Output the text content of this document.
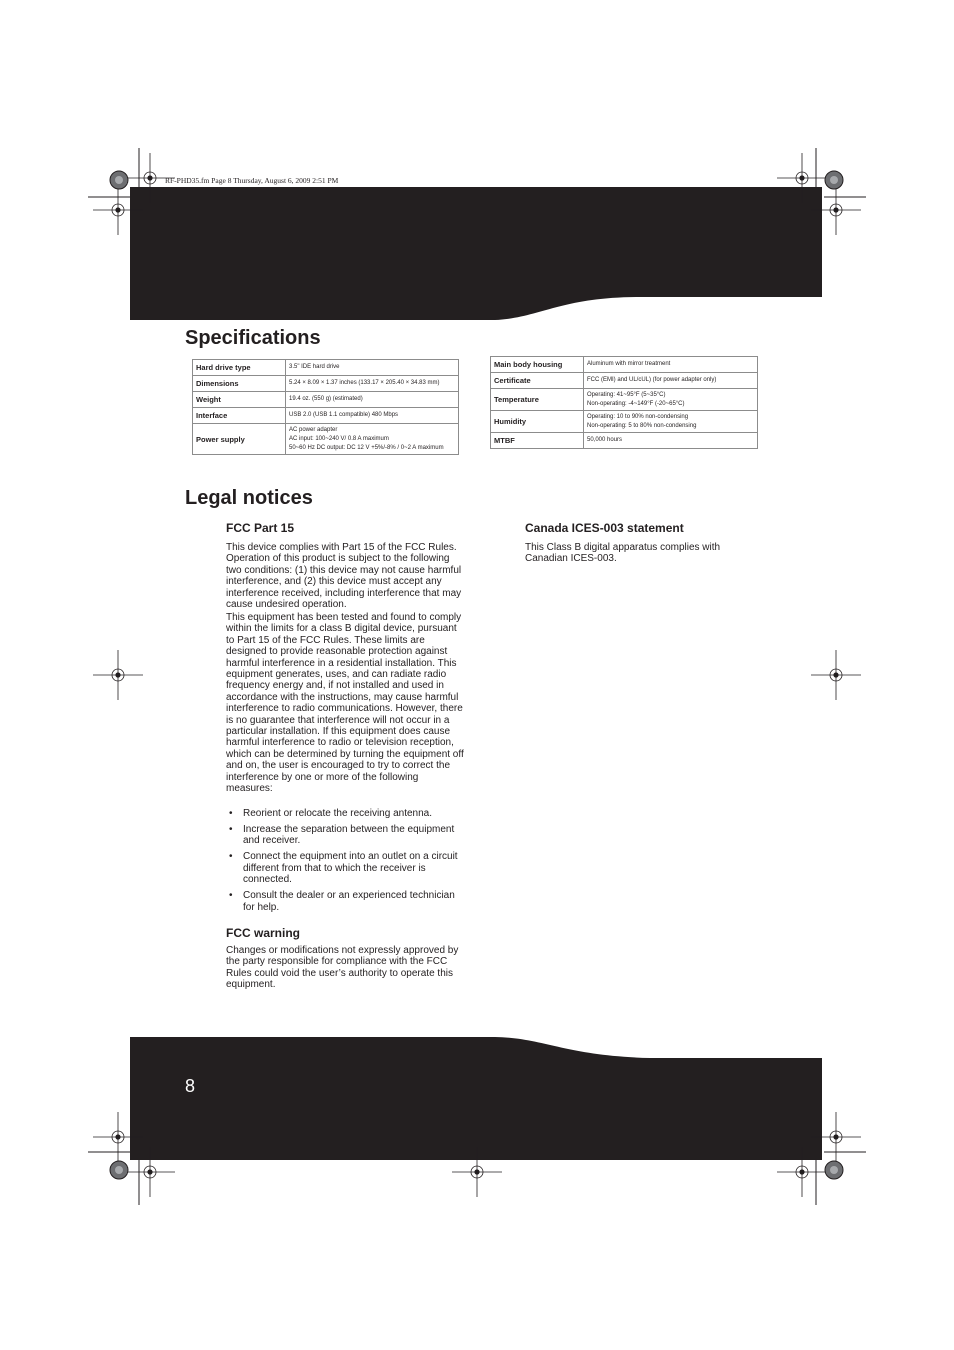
RF-PHD35.fm Page 8 Thursday, August 6, 2009 2:51 PM
Specifications
Hard drive type	3.5" IDE hard drive

Dimensions	5.24 × 8.09 × 1.37 inches (133.17 × 205.40 × 34.83 mm)

Weight	19.4 oz. (550 g) (estimated)

Interface	USB 2.0 (USB 1.1 compatible) 480 Mbps

Power supply	AC power adapter
AC input: 100~240 V/ 0.8 A maximum
50~60 Hz DC output: DC 12 V +5%/-8% / 0~2 A maximum
Main body housing	Aluminum with mirror treatment

Certificate	FCC (EMI) and UL/cUL) (for power adapter only)

Temperature	Operating: 41~95°F (5~35°C)
Non-operating: -4~149°F (-20~65°C)

Humidity	Operating: 10 to 90% non-condensing
Non-operating: 5 to 80% non-condensing

MTBF	50,000 hours
Legal notices
FCC Part 15
This device complies with Part 15 of the FCC Rules. Operation of this product is subject to the following two conditions: (1) this device may not cause harmful interference, and (2) this device must accept any interference received, including interference that may cause undesired operation.
This equipment has been tested and found to comply within the limits for a class B digital device, pursuant to Part 15 of the FCC Rules. These limits are designed to provide reasonable protection against harmful interference in a residential installation. This equipment generates, uses, and can radiate radio frequency energy and, if not installed and used in accordance with the instructions, may cause harmful interference to radio communications. However, there is no guarantee that interference will not occur in a particular installation. If this equipment does cause harmful interference to radio or television reception, which can be determined by turning the equipment off and on, the user is encouraged to try to correct the interference by one or more of the following measures:
• Reorient or relocate the receiving antenna.
• Increase the separation between the equipment and receiver.
• Connect the equipment into an outlet on a circuit different from that to which the receiver is connected.
• Consult the dealer or an experienced technician for help.
FCC warning
Changes or modifications not expressly approved by the party responsible for compliance with the FCC Rules could void the user’s authority to operate this equipment.
Canada ICES-003 statement
This Class B digital apparatus complies with Canadian ICES-003.
8
